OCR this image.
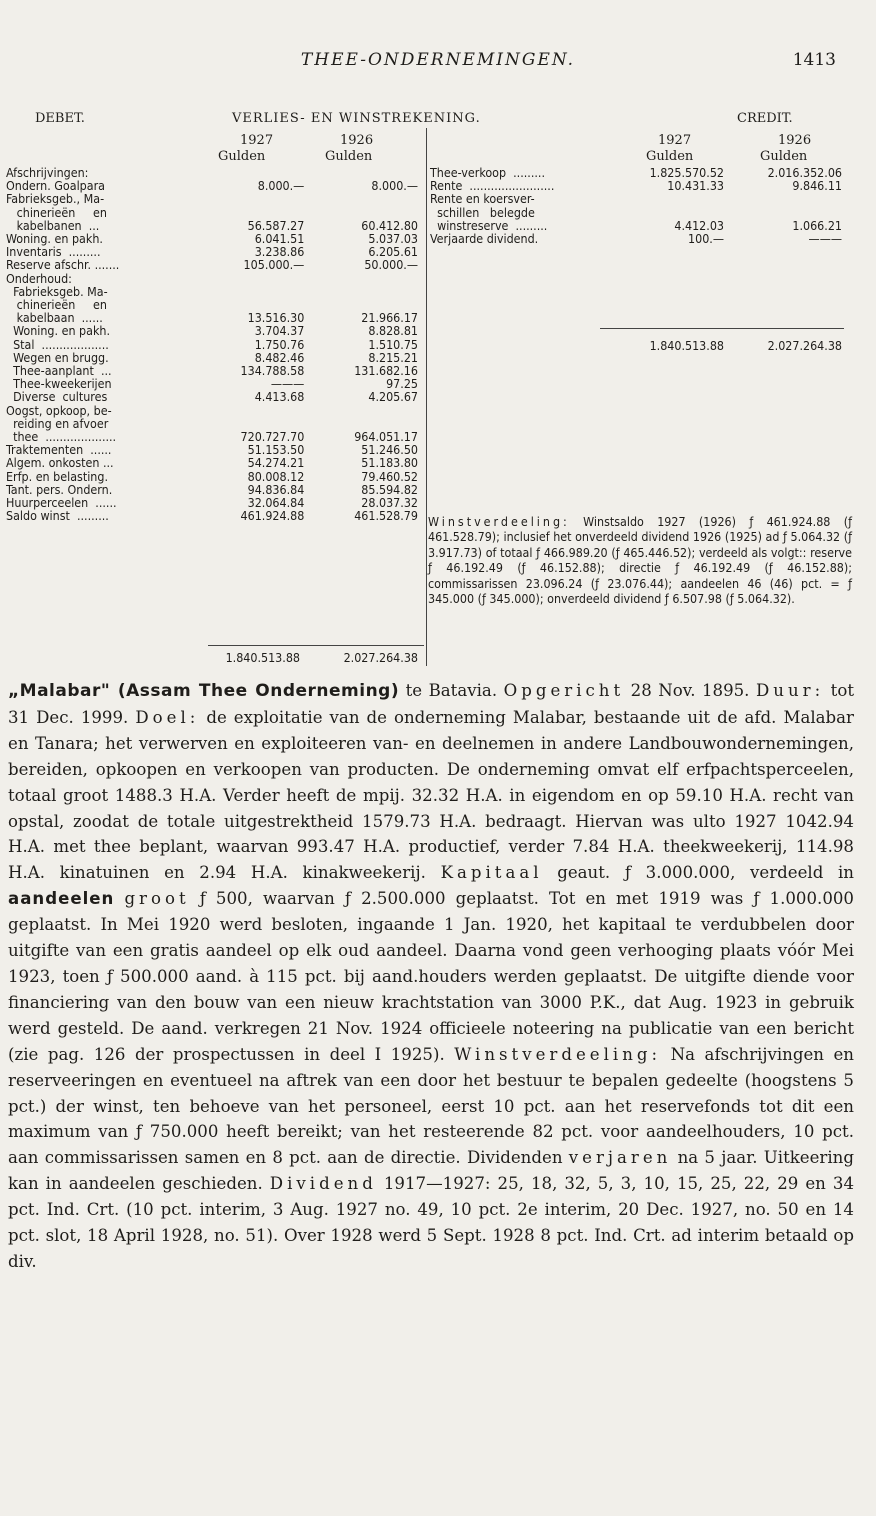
THEE-ONDERNEMINGEN.	1413
DEBET.	VERLIES- EN WINSTREKENING.	CREDIT.
1927
Gulden
1926
Gulden
1927
Gulden
1926
Gulden
Afschrijvingen:		
Ondern. Goalpara	8.000.—	8.000.—
Fabrieksgeb., Ma-		
chinerieën     en		
kabelbanen  ...	56.587.27	60.412.80
Woning. en pakh.	6.041.51	5.037.03
Inventaris  .........	3.238.86	6.205.61
Reserve afschr. .......	105.000.—	50.000.—
Onderhoud:		
Fabrieksgeb. Ma-		
chinerieën     en		
kabelbaan  ......	13.516.30	21.966.17
Woning. en pakh.	3.704.37	8.828.81
Stal  ...................	1.750.76	1.510.75
Wegen en brugg.	8.482.46	8.215.21
Thee-aanplant  ...	134.788.58	131.682.16
Thee-kweekerijen	———	97.25
Diverse  cultures	4.413.68	4.205.67
Oogst, opkoop, be-		
reiding en afvoer		
thee  ....................	720.727.70	964.051.17
Traktementen  ......	51.153.50	51.246.50
Algem. onkosten ...	54.274.21	51.183.80
Erfp. en belasting.	80.008.12	79.460.52
Tant. pers. Ondern.	94.836.84	85.594.82
Huurperceelen  ......	32.064.84	28.037.32
Saldo winst  .........	461.924.88	461.528.79
1.840.513.88	2.027.264.38
Thee-verkoop  .........	1.825.570.52	2.016.352.06
Rente  ........................	10.431.33	9.846.11
Rente en koersver-		
schillen   belegde		
winstreserve  .........	4.412.03	1.066.21
Verjaarde dividend.	100.—	———
1.840.513.88	2.027.264.38
Winstverdeeling: Winstsaldo 1927 (1926) ƒ 461.924.88 (ƒ 461.528.79); inclusief het onverdeeld dividend 1926 (1925) ad ƒ 5.064.32 (ƒ 3.917.73) of totaal ƒ 466.989.20 (ƒ 465.446.52); verdeeld als volgt:: reserve ƒ 46.192.49 (ƒ 46.152.88); directie ƒ 46.192.49 (ƒ 46.152.88); commissarissen 23.096.24 (ƒ 23.076.44); aandeelen 46 (46) pct. = ƒ 345.000 (ƒ 345.000); onverdeeld dividend ƒ 6.507.98 (ƒ 5.064.32).

„Malabar" (Assam Thee Onderneming) te Batavia. Opgericht 28 Nov. 1895. Duur: tot 31 Dec. 1999. Doel: de exploitatie van de onderneming Malabar, bestaande uit de afd. Malabar en Tanara; het verwerven en exploiteeren van- en deelnemen in andere Landbouwondernemingen, bereiden, opkoopen en verkoopen van producten. De onderneming omvat elf erfpachtsperceelen, totaal groot 1488.3 H.A. Verder heeft de mpij. 32.32 H.A. in eigendom en op 59.10 H.A. recht van opstal, zoodat de totale uitgestrektheid 1579.73 H.A. bedraagt. Hiervan was ulto 1927 1042.94 H.A. met thee beplant, waarvan 993.47 H.A. productief, verder 7.84 H.A. theekweekerij, 114.98 H.A. kinatuinen en 2.94 H.A. kinakweekerij. Kapitaal geaut. ƒ 3.000.000, verdeeld in aandeelen groot ƒ 500, waarvan ƒ 2.500.000 geplaatst. Tot en met 1919 was ƒ 1.000.000 geplaatst. In Mei 1920 werd besloten, ingaande 1 Jan. 1920, het kapitaal te verdubbelen door uitgifte van een gratis aandeel op elk oud aandeel. Daarna vond geen verhooging plaats vóór Mei 1923, toen ƒ 500.000 aand. à 115 pct. bij aand.houders werden geplaatst. De uitgifte diende voor financiering van den bouw van een nieuw krachtstation van 3000 P.K., dat Aug. 1923 in gebruik werd gesteld. De aand. verkregen 21 Nov. 1924 officieele noteering na publicatie van een bericht (zie pag. 126 der prospectussen in deel I 1925). Winstverdeeling: Na afschrijvingen en reserveeringen en eventueel na aftrek van een door het bestuur te bepalen gedeelte (hoogstens 5 pct.) der winst, ten behoeve van het personeel, eerst 10 pct. aan het reservefonds tot dit een maximum van ƒ 750.000 heeft bereikt; van het resteerende 82 pct. voor aandeelhouders, 10 pct. aan commissarissen samen en 8 pct. aan de directie. Dividenden verjaren na 5 jaar. Uitkeering kan in aandeelen geschieden. Dividend 1917—1927: 25, 18, 32, 5, 3, 10, 15, 25, 22, 29 en 34 pct. Ind. Crt. (10 pct. interim, 3 Aug. 1927 no. 49, 10 pct. 2e interim, 20 Dec. 1927, no. 50 en 14 pct. slot, 18 April 1928, no. 51). Over 1928 werd 5 Sept. 1928 8 pct. Ind. Crt. ad interim betaald op div.
